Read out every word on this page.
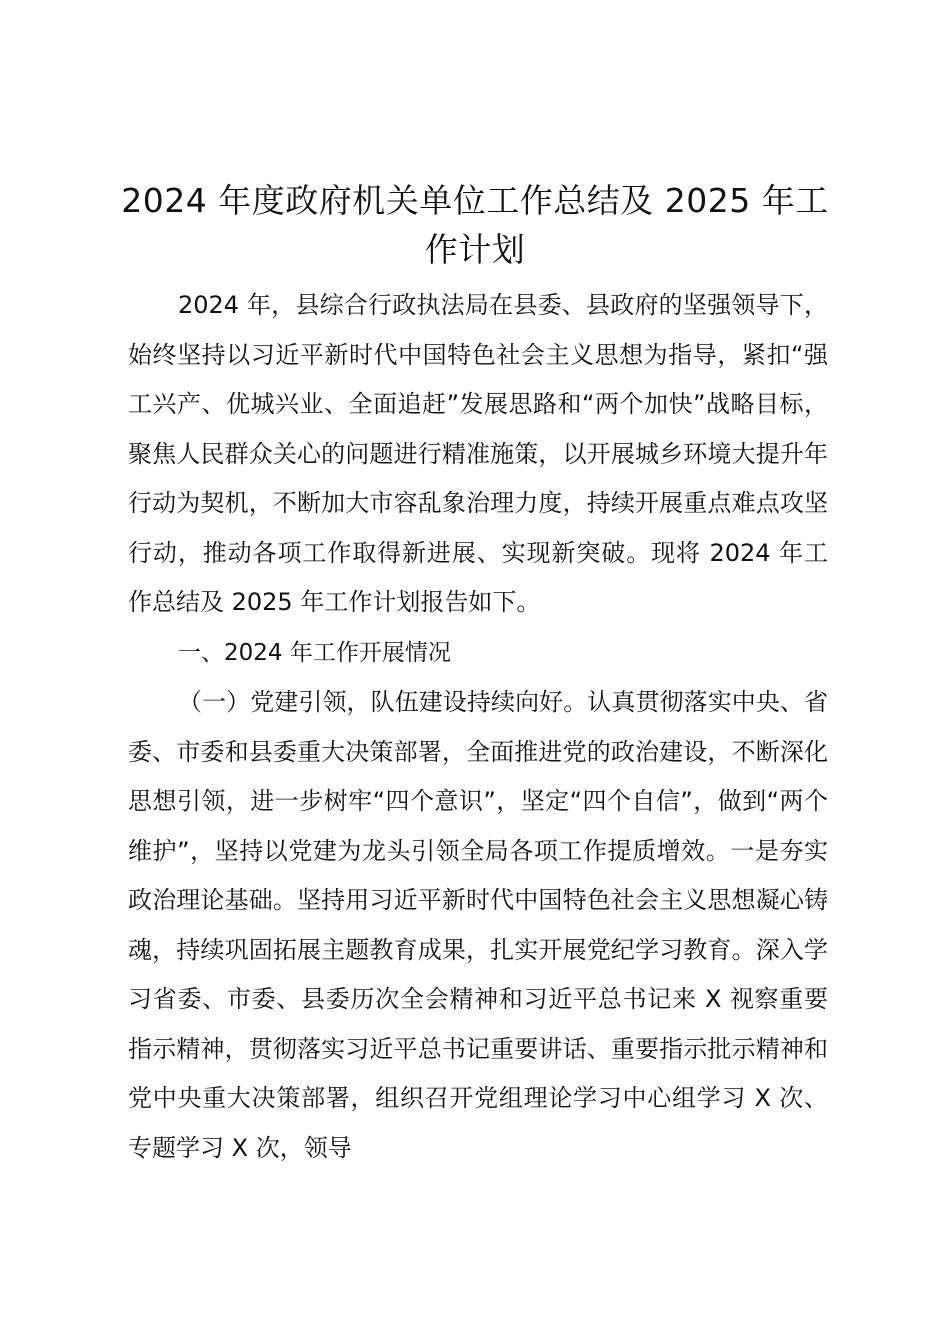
2024 年度政府机关单位工作总结及 2025 年工作计划

2024 年，县综合行政执法局在县委、县政府的坚强领导下，始终坚持以习近平新时代中国特色社会主义思想为指导，紧扣“强工兴产、优城兴业、全面追赶”发展思路和“两个加快”战略目标，聚焦人民群众关心的问题进行精准施策，以开展城乡环境大提升年行动为契机，不断加大市容乱象治理力度，持续开展重点难点攻坚行动，推动各项工作取得新进展、实现新突破。现将 2024 年工作总结及 2025 年工作计划报告如下。

一、2024 年工作开展情况

（一）党建引领，队伍建设持续向好。认真贯彻落实中央、省委、市委和县委重大决策部署，全面推进党的政治建设，不断深化思想引领，进一步树牢“四个意识”，坚定“四个自信”，做到“两个维护”，坚持以党建为龙头引领全局各项工作提质增效。一是夯实政治理论基础。坚持用习近平新时代中国特色社会主义思想凝心铸魂，持续巩固拓展主题教育成果，扎实开展党纪学习教育。深入学习省委、市委、县委历次全会精神和习近平总书记来 X 视察重要指示精神，贯彻落实习近平总书记重要讲话、重要指示批示精神和党中央重大决策部署，组织召开党组理论学习中心组学习 X 次、专题学习 X 次，领导
